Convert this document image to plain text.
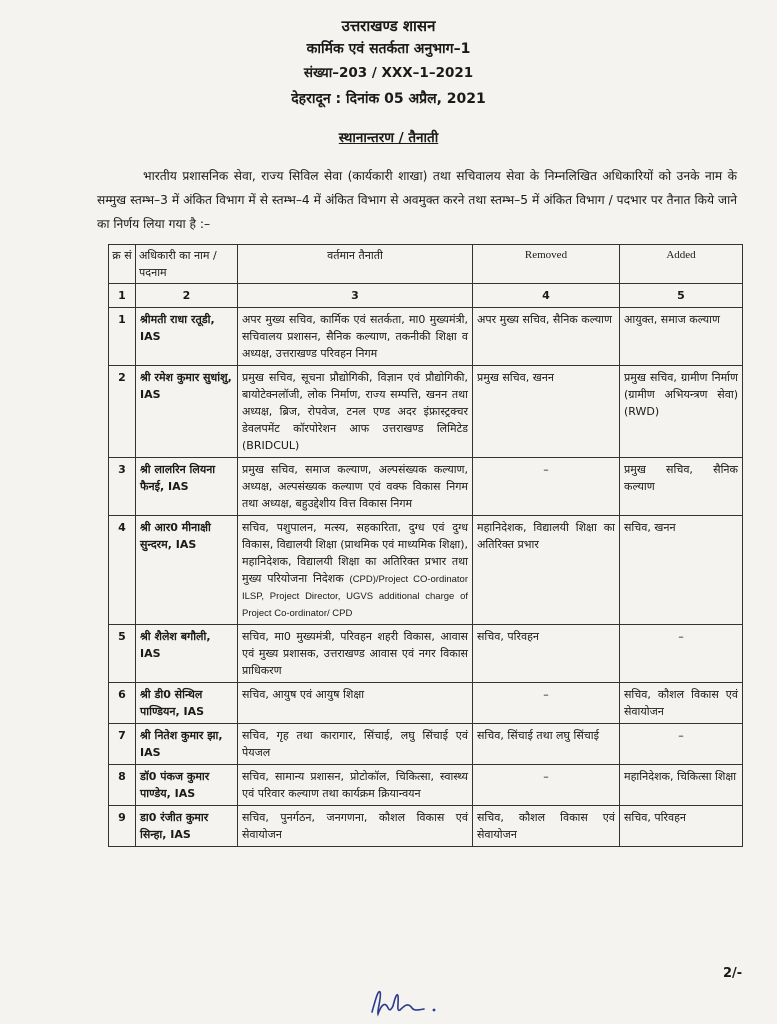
उत्तराखण्ड शासन
कार्मिक एवं सतर्कता अनुभाग–1
संख्या–203 / XXX–1–2021
देहरादून : दिनांक 05 अप्रैल, 2021
स्थानान्तरण / तैनाती
भारतीय प्रशासनिक सेवा, राज्य सिविल सेवा (कार्यकारी शाखा) तथा सचिवालय सेवा के निम्नलिखित अधिकारियों को उनके नाम के सम्मुख स्तम्भ–3 में अंकित विभाग में से स्तम्भ–4 में अंकित विभाग से अवमुक्त करने तथा स्तम्भ–5 में अंकित विभाग / पदभार पर तैनात किये जाने का निर्णय लिया गया है :–
क्र सं	अधिकारी का नाम /पदनाम	वर्तमान तैनाती	Removed	Added
1	2	3	4	5
1	श्रीमती राधा रतूडी, IAS	अपर मुख्य सचिव, कार्मिक एवं सतर्कता, मा0 मुख्यमंत्री, सचिवालय प्रशासन, सैनिक कल्याण, तकनीकी शिक्षा व अध्यक्ष, उत्तराखण्ड परिवहन निगम	अपर मुख्य सचिव, सैनिक कल्याण	आयुक्त, समाज कल्याण
2	श्री रमेश कुमार सुधांशु, IAS	प्रमुख सचिव, सूचना प्रौद्योगिकी, विज्ञान एवं प्रौद्योगिकी, बायोटेक्नलॉजी, लोक निर्माण, राज्य सम्पत्ति, खनन तथा अध्यक्ष, ब्रिज, रोपवेज, टनल एण्ड अदर इंफ्रास्ट्रक्चर डेवलपमेंट कॉरपोरेशन आफ उत्तराखण्ड लिमिटेड (BRIDCUL)	प्रमुख सचिव, खनन	प्रमुख सचिव, ग्रामीण निर्माण (ग्रामीण अभियन्त्रण सेवा) (RWD)
3	श्री लालरिन लियना फैनई, IAS	प्रमुख सचिव, समाज कल्याण, अल्पसंख्यक कल्याण, अध्यक्ष, अल्पसंख्यक कल्याण एवं वक्फ विकास निगम तथा अध्यक्ष, बहुउद्देशीय वित्त विकास निगम	–	प्रमुख सचिव, सैनिक कल्याण
4	श्री आर0 मीनाक्षी सुन्दरम, IAS	सचिव, पशुपालन, मत्स्य, सहकारिता, दुग्ध एवं दुग्ध विकास, विद्यालयी शिक्षा (प्राथमिक एवं माध्यमिक शिक्षा), महानिदेशक, विद्यालयी शिक्षा का अतिरिक्त प्रभार तथा मुख्य परियोजना निदेशक (CPD)/Project CO-ordinator ILSP, Project Director, UGVS additional charge of Project Co-ordinator/ CPD	महानिदेशक, विद्यालयी शिक्षा का अतिरिक्त प्रभार	सचिव, खनन
5	श्री शैलेश बगौली, IAS	सचिव, मा0 मुख्यमंत्री, परिवहन शहरी विकास, आवास एवं मुख्य प्रशासक, उत्तराखण्ड आवास एवं नगर विकास प्राधिकरण	सचिव, परिवहन	–

6	श्री डी0 सेन्थिल पाण्डियन, IAS	सचिव, आयुष एवं आयुष शिक्षा	–	सचिव, कौशल विकास एवं सेवायोजन
7	श्री नितेश कुमार झा, IAS	सचिव, गृह तथा कारागार, सिंचाई, लघु सिंचाई एवं पेयजल	सचिव, सिंचाई तथा लघु सिंचाई	–

8	डॉ0 पंकज कुमार पाण्डेय, IAS	सचिव, सामान्य प्रशासन, प्रोटोकॉल, चिकित्सा, स्वास्थ्य एवं परिवार कल्याण तथा कार्यक्रम क्रियान्वयन	–	महानिदेशक, चिकित्सा शिक्षा
9	डा0 रंजीत कुमार सिन्हा, IAS	सचिव, पुनर्गठन, जनगणना, कौशल विकास एवं सेवायोजन	सचिव, कौशल विकास एवं सेवायोजन	सचिव, परिवहन
2/-
